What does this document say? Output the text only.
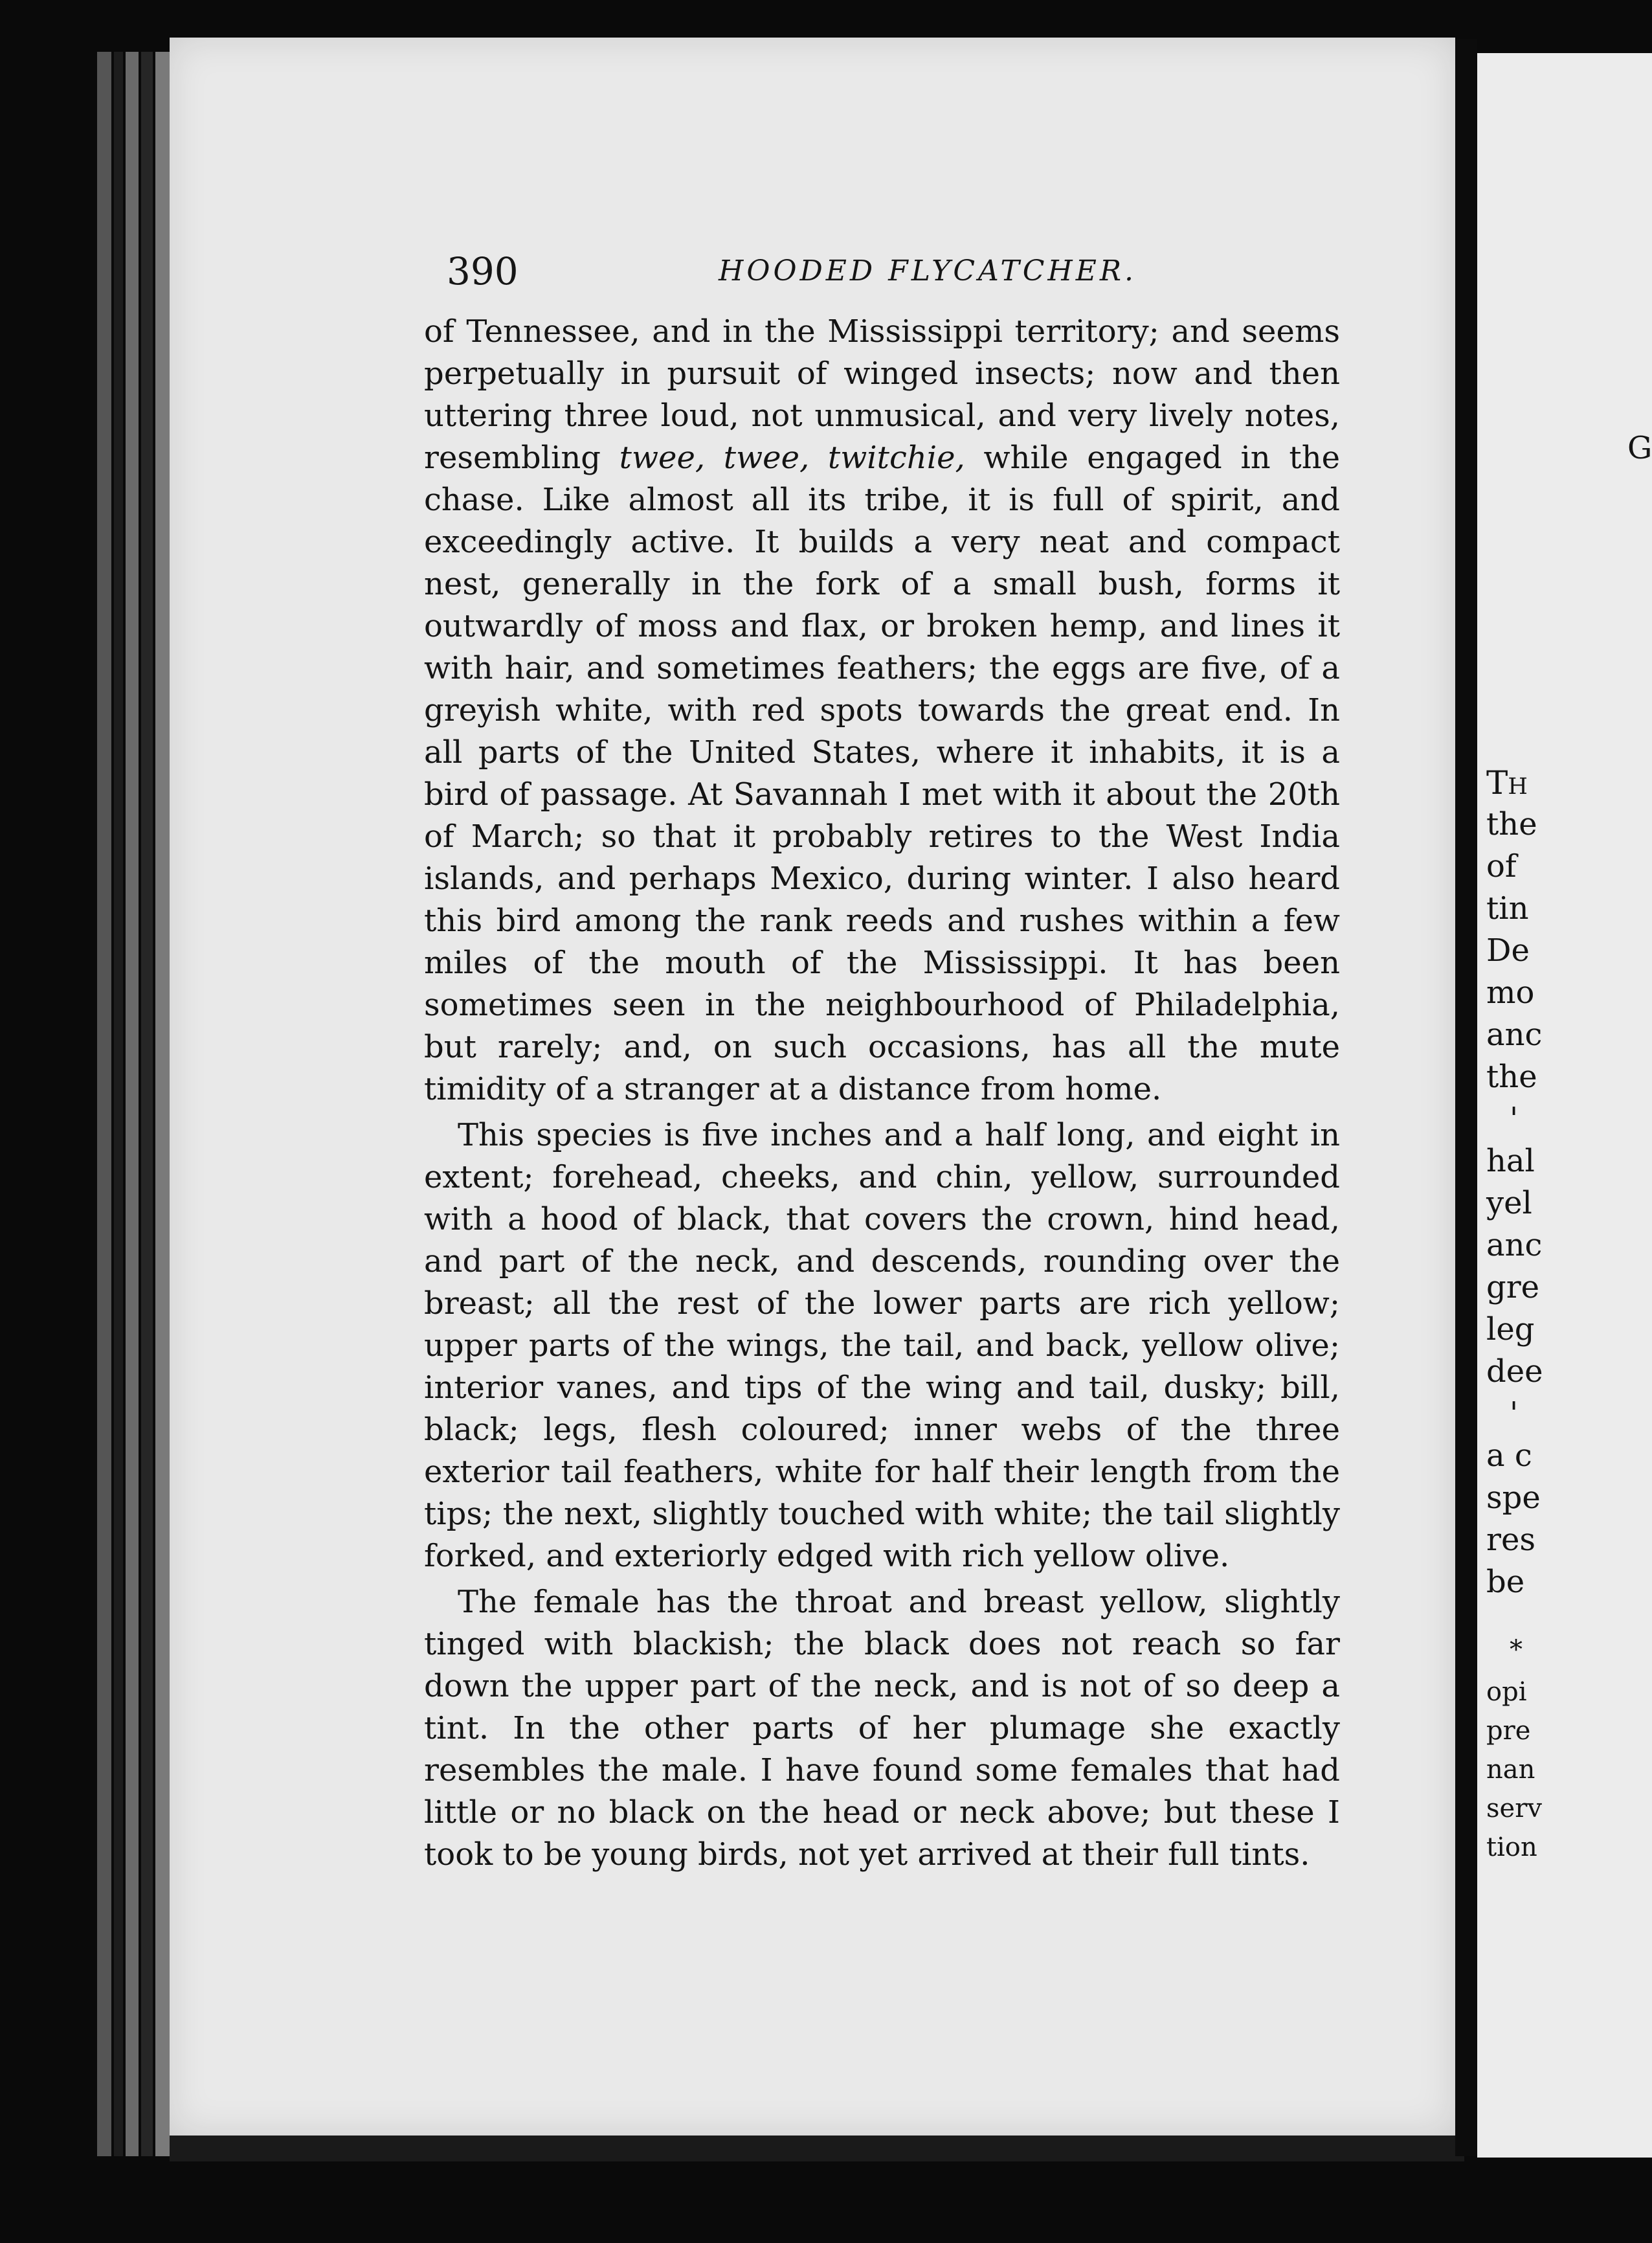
390	HOODED FLYCATCHER.

of Tennessee, and in the Mississippi territory; and seems perpetually in pursuit of winged insects; now and then uttering three loud, not unmusical, and very lively notes, resembling twee, twee, twitchie, while engaged in the chase. Like almost all its tribe, it is full of spirit, and exceedingly active. It builds a very neat and compact nest, generally in the fork of a small bush, forms it outwardly of moss and flax, or broken hemp, and lines it with hair, and sometimes feathers; the eggs are five, of a greyish white, with red spots towards the great end. In all parts of the United States, where it inhabits, it is a bird of passage. At Savannah I met with it about the 20th of March; so that it probably retires to the West India islands, and perhaps Mexico, during winter. I also heard this bird among the rank reeds and rushes within a few miles of the mouth of the Mississippi. It has been sometimes seen in the neighbourhood of Philadelphia, but rarely; and, on such occasions, has all the mute timidity of a stranger at a distance from home.

This species is five inches and a half long, and eight in extent; forehead, cheeks, and chin, yellow, surrounded with a hood of black, that covers the crown, hind head, and part of the neck, and descends, rounding over the breast; all the rest of the lower parts are rich yellow; upper parts of the wings, the tail, and back, yellow olive; interior vanes, and tips of the wing and tail, dusky; bill, black; legs, flesh coloured; inner webs of the three exterior tail feathers, white for half their length from the tips; the next, slightly touched with white; the tail slightly forked, and exteriorly edged with rich yellow olive.

The female has the throat and breast yellow, slightly tinged with blackish; the black does not reach so far down the upper part of the neck, and is not of so deep a tint. In the other parts of her plumage she exactly resembles the male. I have found some females that had little or no black on the head or neck above; but these I took to be young birds, not yet arrived at their full tints.

G
Th
the
of
tin
De
mo
anc
the
'
hal
yel
anc
gre
leg
dee
'
a c
spe
res
be
*
opi
pre
nan
serv
tion
